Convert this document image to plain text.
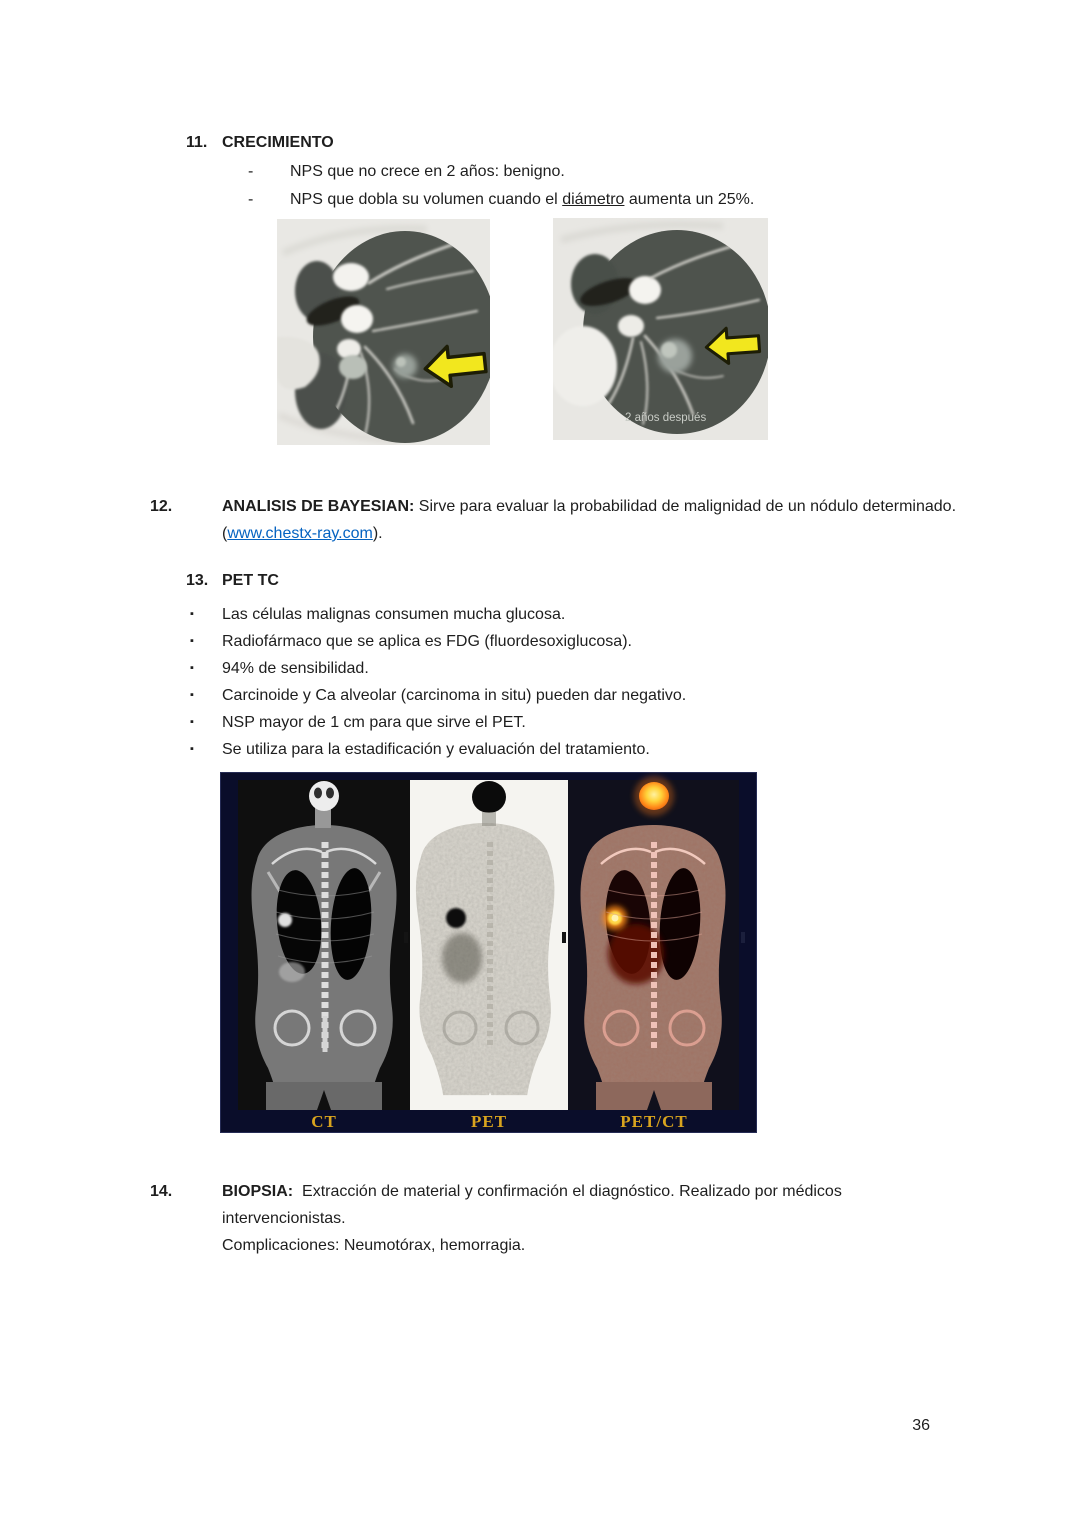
11. CRECIMIENTO
-	NPS que no crece en 2 años: benigno.
-	NPS que dobla su volumen cuando el diámetro aumenta un 25%.
2 años después
12.	ANALISIS DE BAYESIAN: Sirve para evaluar la probabilidad de malignidad de un nódulo determinado. (www.chestx-ray.com).
13. PET TC
▪	Las células malignas consumen mucha glucosa.
▪	Radiofármaco que se aplica es FDG (fluordesoxiglucosa).
▪	94% de sensibilidad.
▪	Carcinoide y Ca alveolar (carcinoma in situ) pueden dar negativo.
▪	NSP mayor de 1 cm para que sirve el PET.
▪	Se utiliza para la estadificación y evaluación del tratamiento.
CT	PET	PET/CT
14.	BIOPSIA:  Extracción de material y confirmación el diagnóstico. Realizado por médicos intervencionistas.
Complicaciones: Neumotórax, hemorragia.
36
